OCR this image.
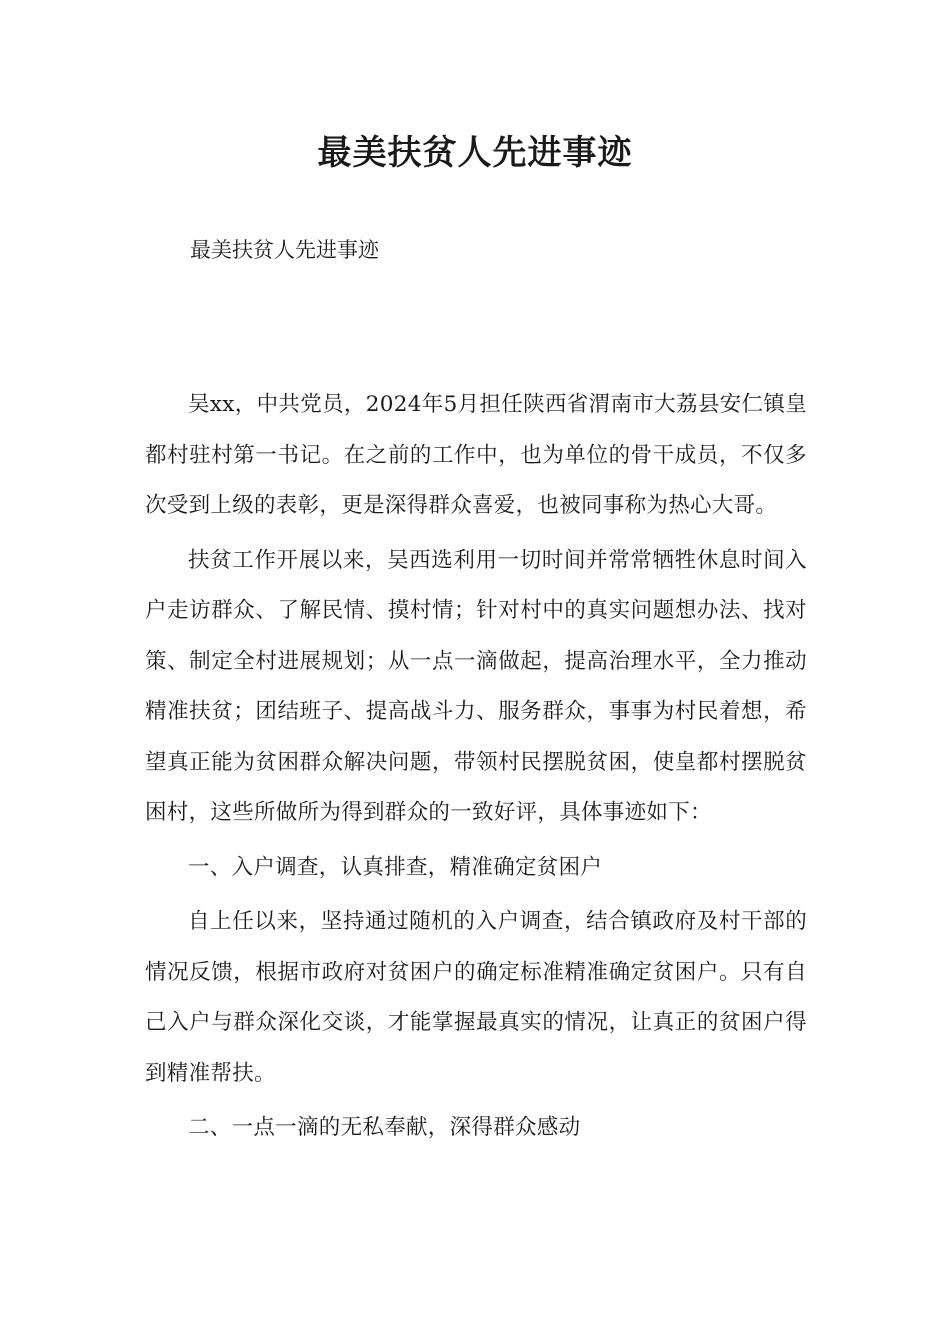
最美扶贫人先进事迹

最美扶贫人先进事迹

吴xx，中共党员，2024年5月担任陕西省渭南市大荔县安仁镇皇都村驻村第一书记。在之前的工作中，也为单位的骨干成员，不仅多次受到上级的表彰，更是深得群众喜爱，也被同事称为热心大哥。

扶贫工作开展以来，吴西选利用一切时间并常常牺牲休息时间入户走访群众、了解民情、摸村情；针对村中的真实问题想办法、找对策、制定全村进展规划；从一点一滴做起，提高治理水平，全力推动精准扶贫；团结班子、提高战斗力、服务群众，事事为村民着想，希望真正能为贫困群众解决问题，带领村民摆脱贫困，使皇都村摆脱贫困村，这些所做所为得到群众的一致好评，具体事迹如下：

一、入户调查，认真排查，精准确定贫困户

自上任以来，坚持通过随机的入户调查，结合镇政府及村干部的情况反馈，根据市政府对贫困户的确定标准精准确定贫困户。只有自己入户与群众深化交谈，才能掌握最真实的情况，让真正的贫困户得到精准帮扶。

二、一点一滴的无私奉献，深得群众感动
